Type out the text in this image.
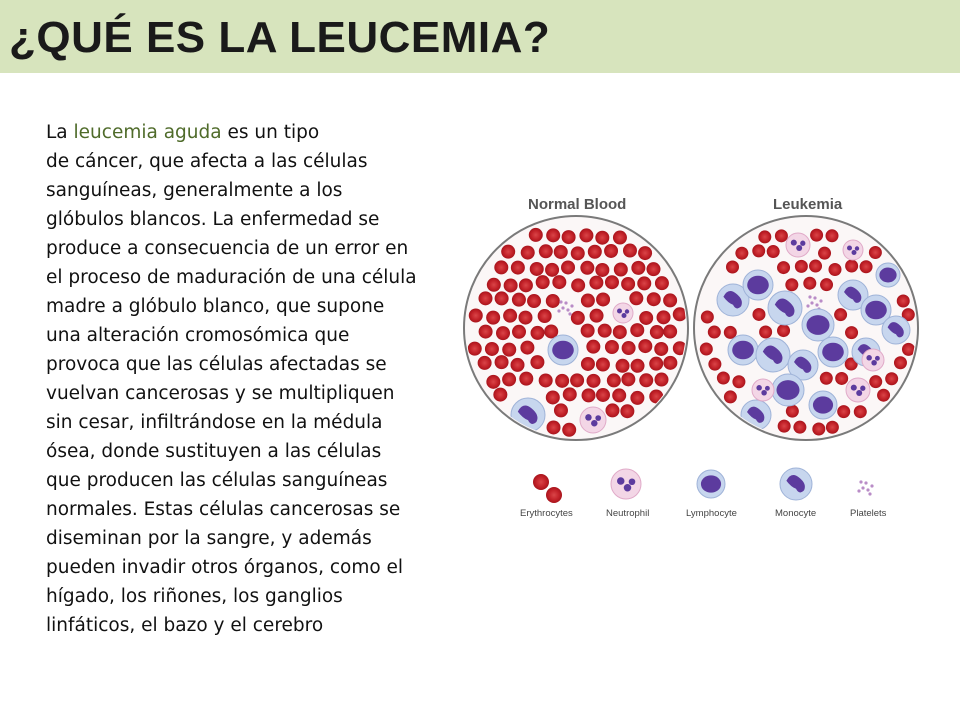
¿QUÉ ES LA LEUCEMIA?
La leucemia aguda es un tipo
de cáncer, que afecta a las células
sanguíneas, generalmente a los
glóbulos blancos. La enfermedad se
produce a consecuencia de un error en
el proceso de maduración de una célula
madre a glóbulo blanco, que supone
una alteración cromosómica que
provoca que las células afectadas se
vuelvan cancerosas y se multipliquen
sin cesar, infiltrándose en la médula
ósea, donde sustituyen a las células
que producen las células sanguíneas
normales. Estas células cancerosas se
diseminan por la sangre, y además
pueden invadir otros órganos, como el
hígado, los riñones, los ganglios
linfáticos, el bazo y el cerebro
Normal Blood	Leukemia
Erythrocytes	Neutrophil	Lymphocyte	Monocyte	Platelets
